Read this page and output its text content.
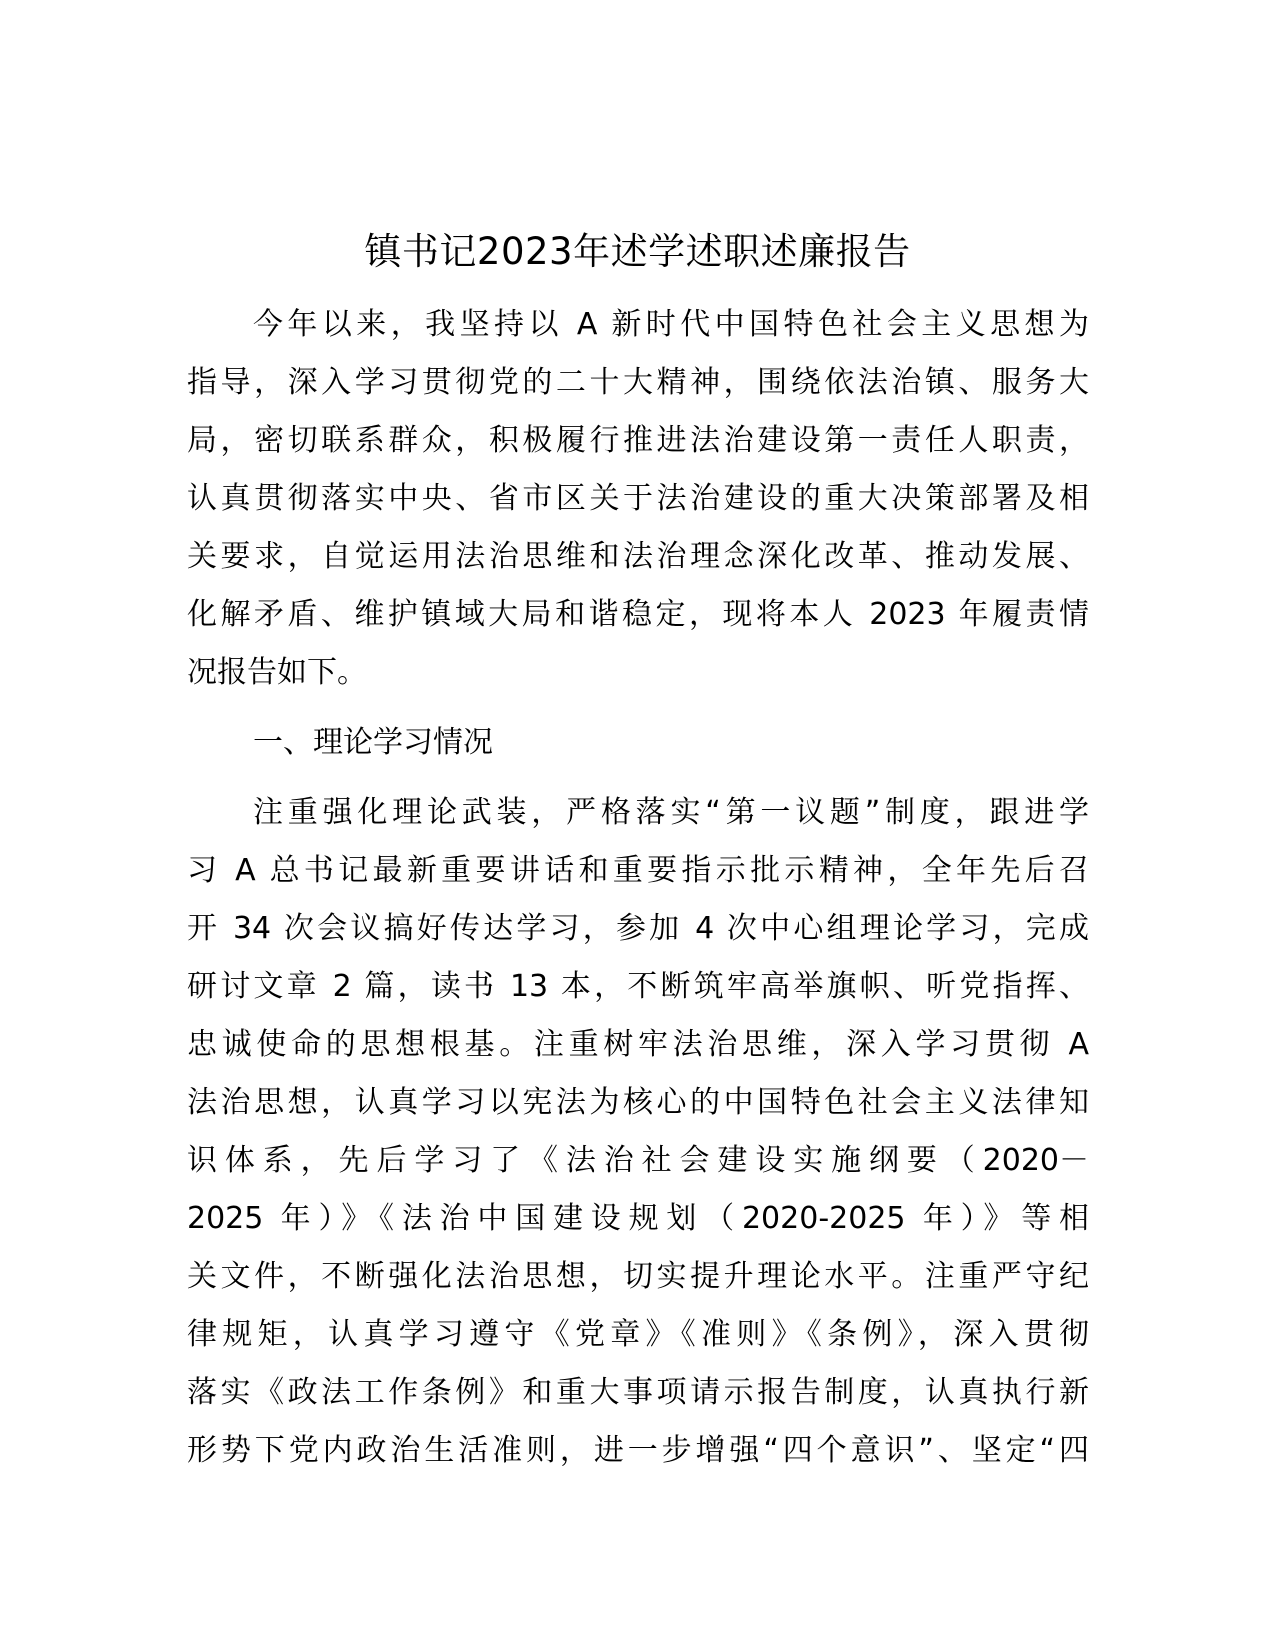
镇书记2023年述学述职述廉报告
今年以来，我坚持以 A 新时代中国特色社会主义思想为
指导，深入学习贯彻党的二十大精神，围绕依法治镇、服务大
局，密切联系群众，积极履行推进法治建设第一责任人职责，
认真贯彻落实中央、省市区关于法治建设的重大决策部署及相
关要求，自觉运用法治思维和法治理念深化改革、推动发展、
化解矛盾、维护镇域大局和谐稳定，现将本人 2023 年履责情
况报告如下。
一、理论学习情况
注重强化理论武装，严格落实“第一议题”制度，跟进学
习 A 总书记最新重要讲话和重要指示批示精神，全年先后召
开 34 次会议搞好传达学习，参加 4 次中心组理论学习，完成
研讨文章 2 篇，读书 13 本，不断筑牢高举旗帜、听党指挥、
忠诚使命的思想根基。注重树牢法治思维，深入学习贯彻 A
法治思想，认真学习以宪法为核心的中国特色社会主义法律知
识体系，先后学习了《法治社会建设实施纲要（2020－
2025 年）》《法治中国建设规划（2020-2025 年）》等相
关文件，不断强化法治思想，切实提升理论水平。注重严守纪
律规矩，认真学习遵守《党章》《准则》《条例》，深入贯彻
落实《政法工作条例》和重大事项请示报告制度，认真执行新
形势下党内政治生活准则，进一步增强“四个意识”、坚定“四
